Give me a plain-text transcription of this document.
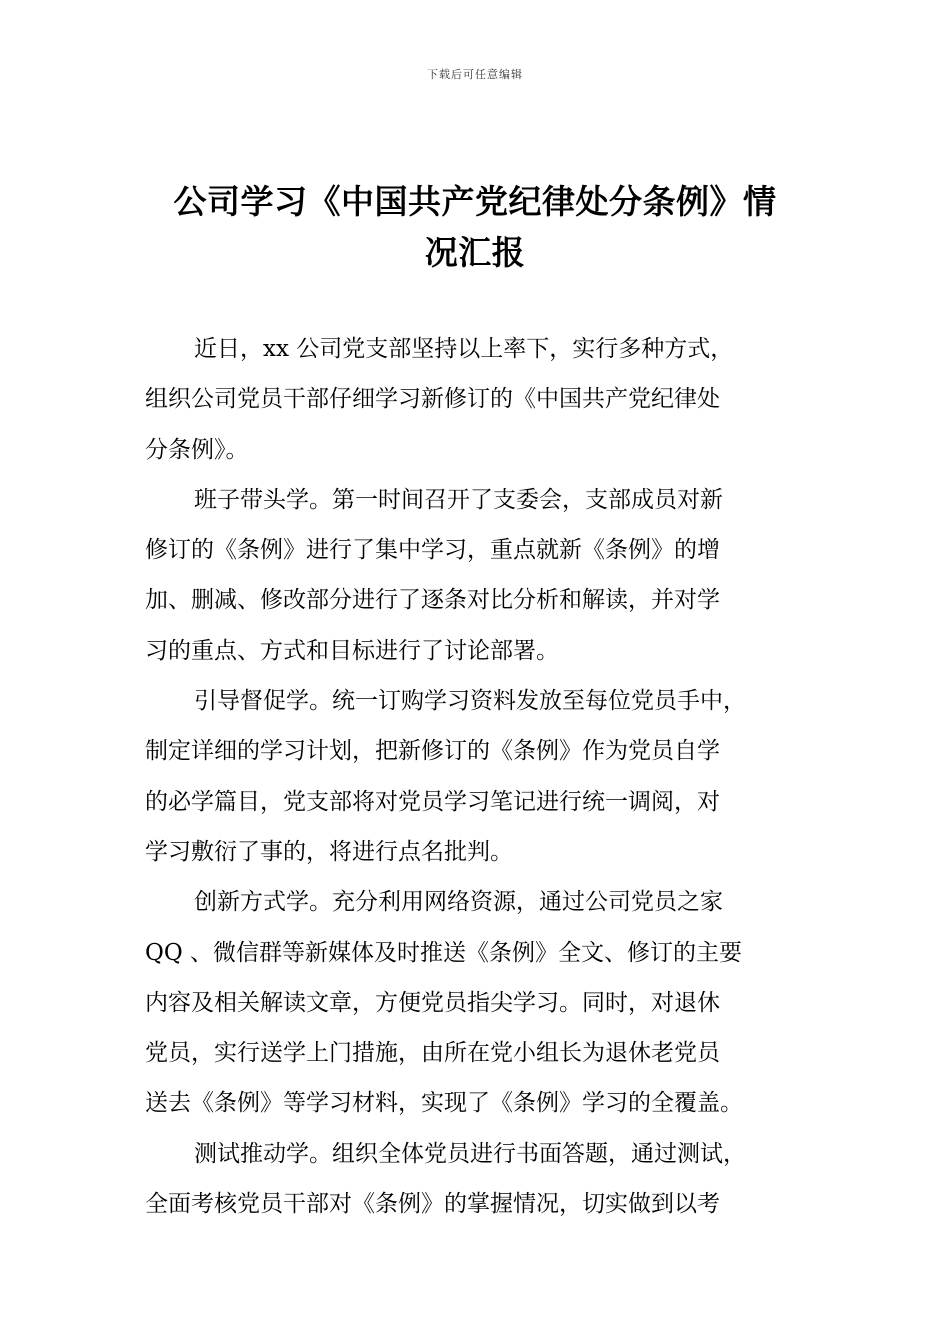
下载后可任意编辑
公司学习《中国共产党纪律处分条例》情
况汇报

近日，xx 公司党支部坚持以上率下，实行多种方式，
组织公司党员干部仔细学习新修订的《中国共产党纪律处
分条例》。

班子带头学。第一时间召开了支委会，支部成员对新
修订的《条例》进行了集中学习，重点就新《条例》的增
加、删减、修改部分进行了逐条对比分析和解读，并对学
习的重点、方式和目标进行了讨论部署。

引导督促学。统一订购学习资料发放至每位党员手中，
制定详细的学习计划，把新修订的《条例》作为党员自学
的必学篇目，党支部将对党员学习笔记进行统一调阅，对
学习敷衍了事的，将进行点名批判。

创新方式学。充分利用网络资源，通过公司党员之家
QQ 、微信群等新媒体及时推送《条例》全文、修订的主要
内容及相关解读文章，方便党员指尖学习。同时，对退休
党员，实行送学上门措施，由所在党小组长为退休老党员
送去《条例》等学习材料，实现了《条例》学习的全覆盖。

测试推动学。组织全体党员进行书面答题，通过测试，
全面考核党员干部对《条例》的掌握情况，切实做到以考
